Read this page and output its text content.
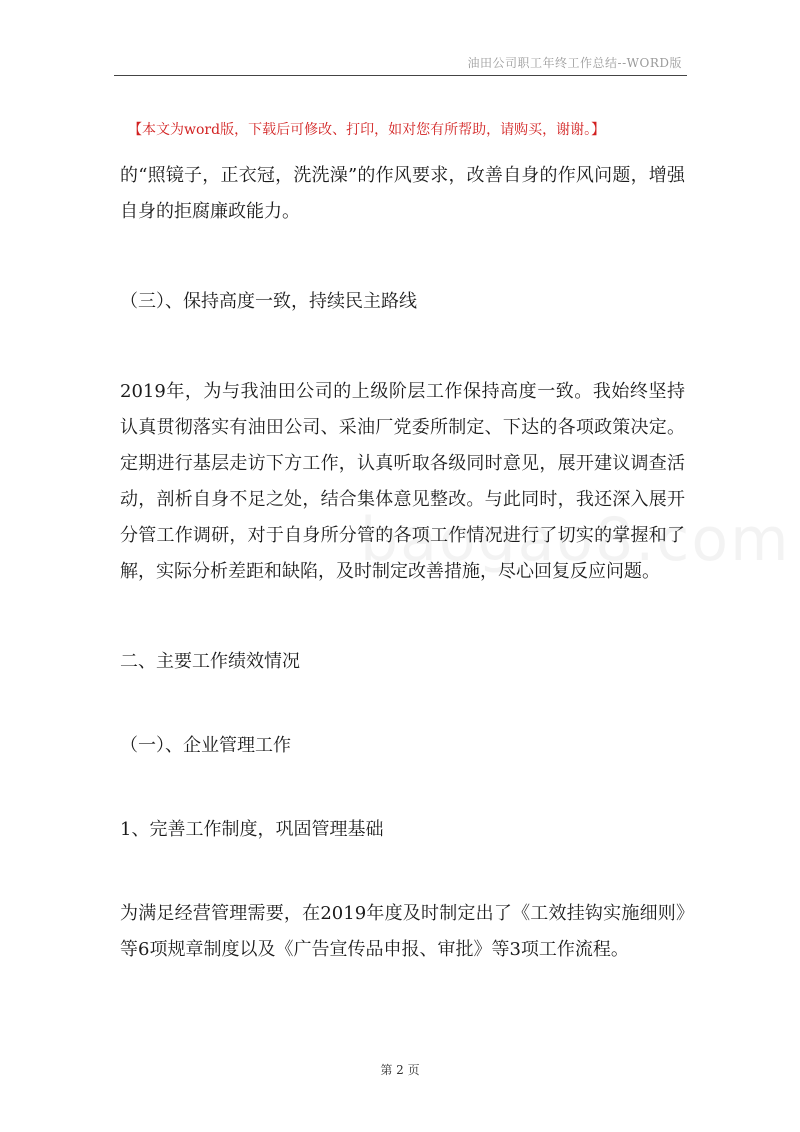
油田公司职工年终工作总结--WORD版
【本文为word版，下载后可修改、打印，如对您有所帮助，请购买，谢谢。】

的“照镜子，正衣冠，洗洗澡”的作风要求，改善自身的作风问题，增强自身的拒腐廉政能力。

（三）、保持高度一致，持续民主路线

2019年，为与我油田公司的上级阶层工作保持高度一致。我始终坚持认真贯彻落实有油田公司、采油厂党委所制定、下达的各项政策决定。定期进行基层走访下方工作，认真听取各级同时意见，展开建议调查活动，剖析自身不足之处，结合集体意见整改。与此同时，我还深入展开分管工作调研，对于自身所分管的各项工作情况进行了切实的掌握和了解，实际分析差距和缺陷，及时制定改善措施，尽心回复反应问题。

二、主要工作绩效情况

（一）、企业管理工作

1、完善工作制度，巩固管理基础

为满足经营管理需要，在2019年度及时制定出了《工效挂钩实施细则》等6项规章制度以及《广告宣传品申报、审批》等3项工作流程。

第 2 页
